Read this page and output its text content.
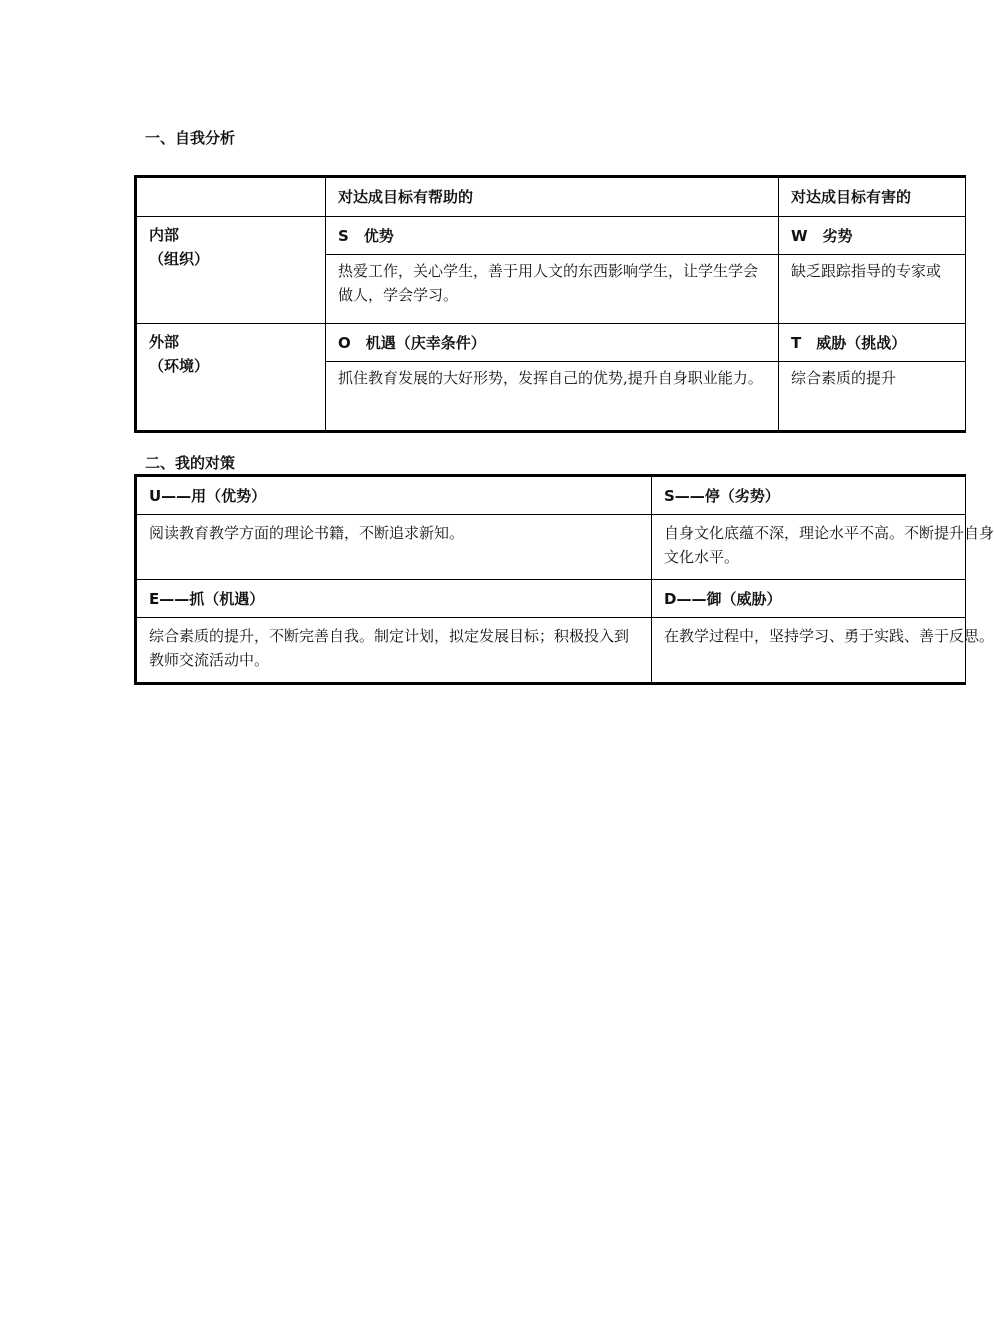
一、自我分析
	对达成目标有帮助的	对达成目标有害的

内部
（组织）	S　优势	W　劣势
	热爱工作，关心学生，善于用人文的东西影响学生，让学生学会做人，学会学习。	缺乏跟踪指导的专家或

外部
（环境）	O　机遇（庆幸条件）	T　威胁（挑战）
	抓住教育发展的大好形势，发挥自己的优势,提升自身职业能力。	综合素质的提升
二、我的对策
U——用（优势）	S——停（劣势）
阅读教育教学方面的理论书籍，不断追求新知。	自身文化底蕴不深，理论水平不高。不断提升自身文化水平。

E——抓（机遇）	D——御（威胁）
综合素质的提升，不断完善自我。制定计划，拟定发展目标；积极投入到教师交流活动中。	在教学过程中，坚持学习、勇于实践、善于反思。
